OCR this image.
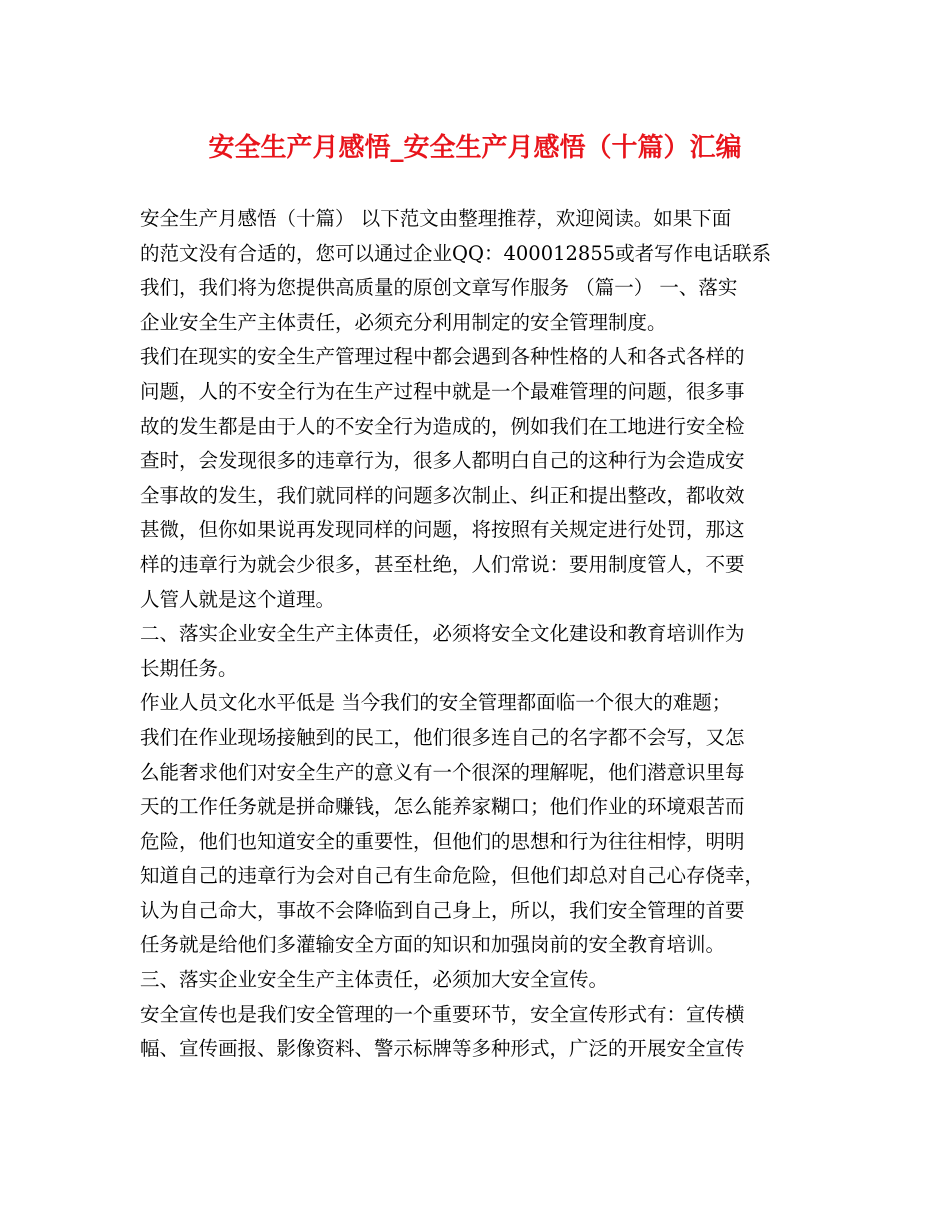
安全生产月感悟_安全生产月感悟（十篇）汇编
安全生产月感悟（十篇） 以下范文由整理推荐，欢迎阅读。如果下面
的范文没有合适的，您可以通过企业QQ：400012855或者写作电话联系
我们，我们将为您提供高质量的原创文章写作服务 （篇一） 一、落实
企业安全生产主体责任，必须充分利用制定的安全管理制度。
我们在现实的安全生产管理过程中都会遇到各种性格的人和各式各样的
问题，人的不安全行为在生产过程中就是一个最难管理的问题，很多事
故的发生都是由于人的不安全行为造成的，例如我们在工地进行安全检
查时，会发现很多的违章行为，很多人都明白自己的这种行为会造成安
全事故的发生，我们就同样的问题多次制止、纠正和提出整改，都收效
甚微，但你如果说再发现同样的问题，将按照有关规定进行处罚，那这
样的违章行为就会少很多，甚至杜绝，人们常说：要用制度管人，不要
人管人就是这个道理。
二、落实企业安全生产主体责任，必须将安全文化建设和教育培训作为
长期任务。
作业人员文化水平低是 当今我们的安全管理都面临一个很大的难题；
我们在作业现场接触到的民工，他们很多连自己的名字都不会写，又怎
么能奢求他们对安全生产的意义有一个很深的理解呢，他们潜意识里每
天的工作任务就是拼命赚钱，怎么能养家糊口；他们作业的环境艰苦而
危险，他们也知道安全的重要性，但他们的思想和行为往往相悖，明明
知道自己的违章行为会对自己有生命危险，但他们却总对自己心存侥幸，
认为自己命大，事故不会降临到自己身上，所以，我们安全管理的首要
任务就是给他们多灌输安全方面的知识和加强岗前的安全教育培训。
三、落实企业安全生产主体责任，必须加大安全宣传。
安全宣传也是我们安全管理的一个重要环节，安全宣传形式有：宣传横
幅、宣传画报、影像资料、警示标牌等多种形式，广泛的开展安全宣传
